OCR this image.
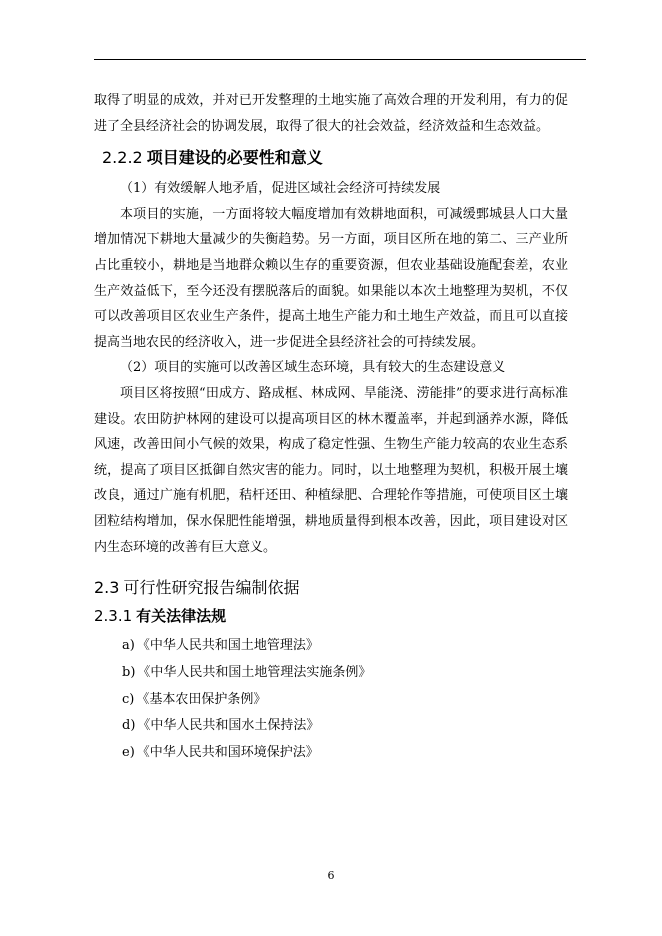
取得了明显的成效，并对已开发整理的土地实施了高效合理的开发利用，有力的促进了全县经济社会的协调发展，取得了很大的社会效益，经济效益和生态效益。

2.2.2 项目建设的必要性和意义

（1）有效缓解人地矛盾，促进区域社会经济可持续发展

本项目的实施，一方面将较大幅度增加有效耕地面积，可减缓鄄城县人口大量增加情况下耕地大量减少的失衡趋势。另一方面，项目区所在地的第二、三产业所占比重较小，耕地是当地群众赖以生存的重要资源，但农业基础设施配套差，农业生产效益低下，至今还没有摆脱落后的面貌。如果能以本次土地整理为契机，不仅可以改善项目区农业生产条件，提高土地生产能力和土地生产效益，而且可以直接提高当地农民的经济收入，进一步促进全县经济社会的可持续发展。

（2）项目的实施可以改善区域生态环境，具有较大的生态建设意义

项目区将按照“田成方、路成框、林成网、旱能浇、涝能排”的要求进行高标准建设。农田防护林网的建设可以提高项目区的林木覆盖率，并起到涵养水源，降低风速，改善田间小气候的效果，构成了稳定性强、生物生产能力较高的农业生态系统，提高了项目区抵御自然灾害的能力。同时，以土地整理为契机，积极开展土壤改良，通过广施有机肥，秸杆还田、种植绿肥、合理轮作等措施，可使项目区土壤团粒结构增加，保水保肥性能增强，耕地质量得到根本改善，因此，项目建设对区内生态环境的改善有巨大意义。

2.3 可行性研究报告编制依据
2.3.1 有关法律法规
a) 《中华人民共和国土地管理法》
b) 《中华人民共和国土地管理法实施条例》
c) 《基本农田保护条例》
d) 《中华人民共和国水土保持法》
e) 《中华人民共和国环境保护法》
6
